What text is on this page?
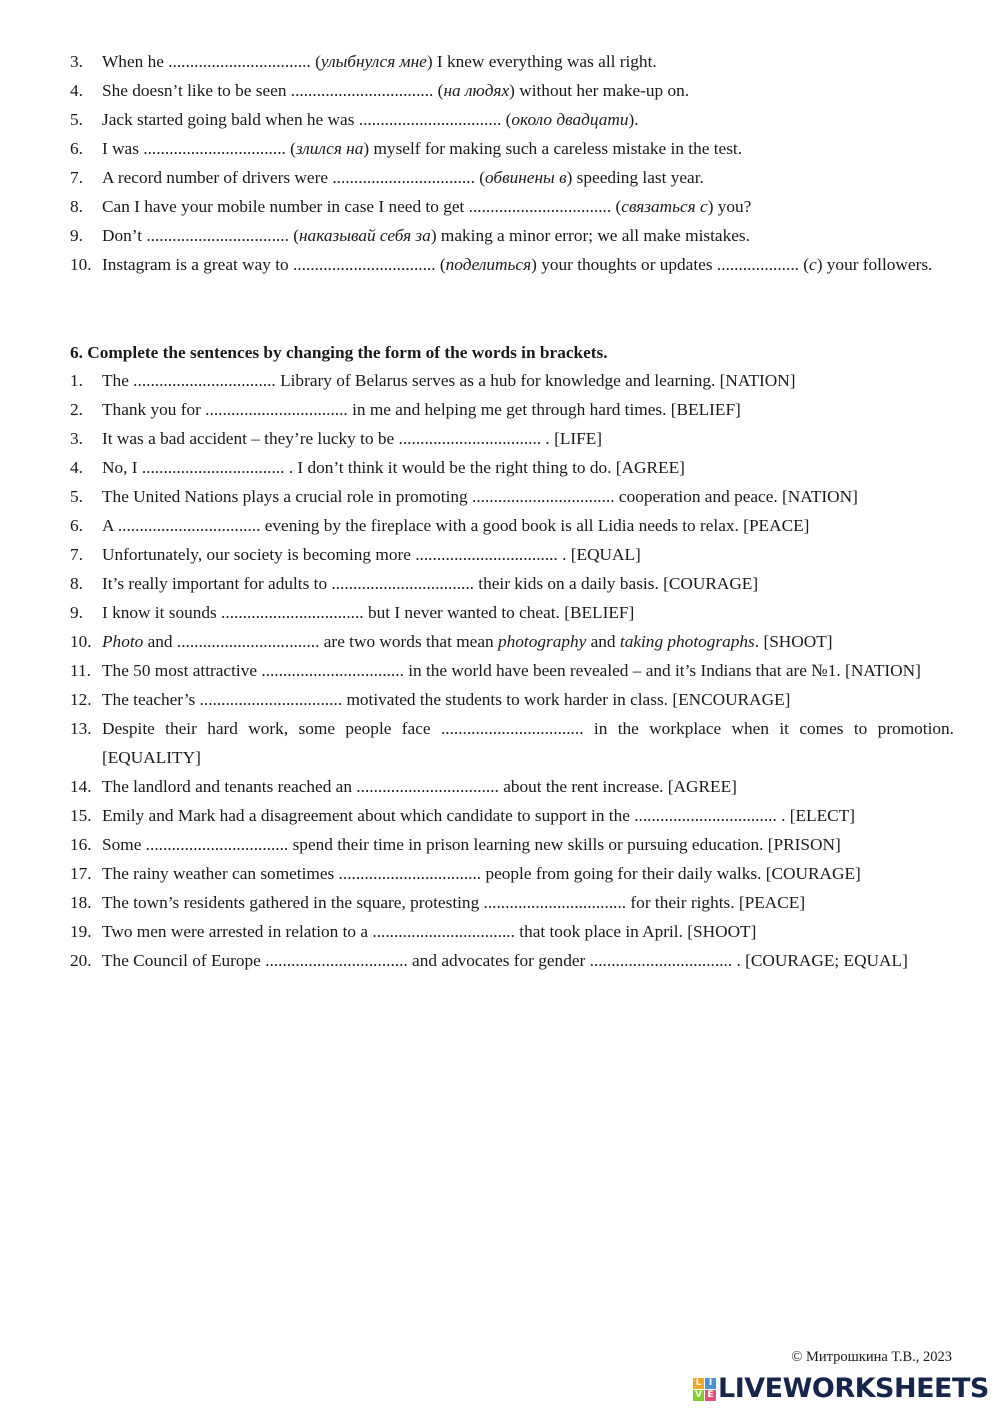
3. When he ................................. (улыбнулся мне) I knew everything was all right.
4. She doesn’t like to be seen ................................. (на людях) without her make-up on.
5. Jack started going bald when he was ................................. (около двадцати).
6. I was ................................. (злился на) myself for making such a careless mistake in the test.
7. A record number of drivers were ................................. (обвинены в) speeding last year.
8. Can I have your mobile number in case I need to get ................................. (связаться с) you?
9. Don’t ................................. (наказывай себя за) making a minor error; we all make mistakes.
10. Instagram is a great way to ................................. (поделиться) your thoughts or updates ................... (с) your followers.
6. Complete the sentences by changing the form of the words in brackets.
1. The ................................. Library of Belarus serves as a hub for knowledge and learning. [NATION]
2. Thank you for ................................. in me and helping me get through hard times. [BELIEF]
3. It was a bad accident – they’re lucky to be ................................. . [LIFE]
4. No, I ................................. . I don’t think it would be the right thing to do. [AGREE]
5. The United Nations plays a crucial role in promoting ................................. cooperation and peace. [NATION]
6. A ................................. evening by the fireplace with a good book is all Lidia needs to relax. [PEACE]
7. Unfortunately, our society is becoming more ................................. . [EQUAL]
8. It’s really important for adults to ................................. their kids on a daily basis. [COURAGE]
9. I know it sounds ................................. but I never wanted to cheat. [BELIEF]
10. Photo and ................................. are two words that mean photography and taking photographs. [SHOOT]
11. The 50 most attractive ................................. in the world have been revealed – and it’s Indians that are №1. [NATION]
12. The teacher’s ................................. motivated the students to work harder in class. [ENCOURAGE]
13. Despite their hard work, some people face ................................. in the workplace when it comes to promotion. [EQUALITY]
14. The landlord and tenants reached an ................................. about the rent increase. [AGREE]
15. Emily and Mark had a disagreement about which candidate to support in the ................................. . [ELECT]
16. Some ................................. spend their time in prison learning new skills or pursuing education. [PRISON]
17. The rainy weather can sometimes ................................. people from going for their daily walks. [COURAGE]
18. The town’s residents gathered in the square, protesting ................................. for their rights. [PEACE]
19. Two men were arrested in relation to a ................................. that took place in April. [SHOOT]
20. The Council of Europe ................................. and advocates for gender ................................. . [COURAGE; EQUAL]
© Митрошкина Т.В., 2023
L I
V E LIVEWORKSHEETS
